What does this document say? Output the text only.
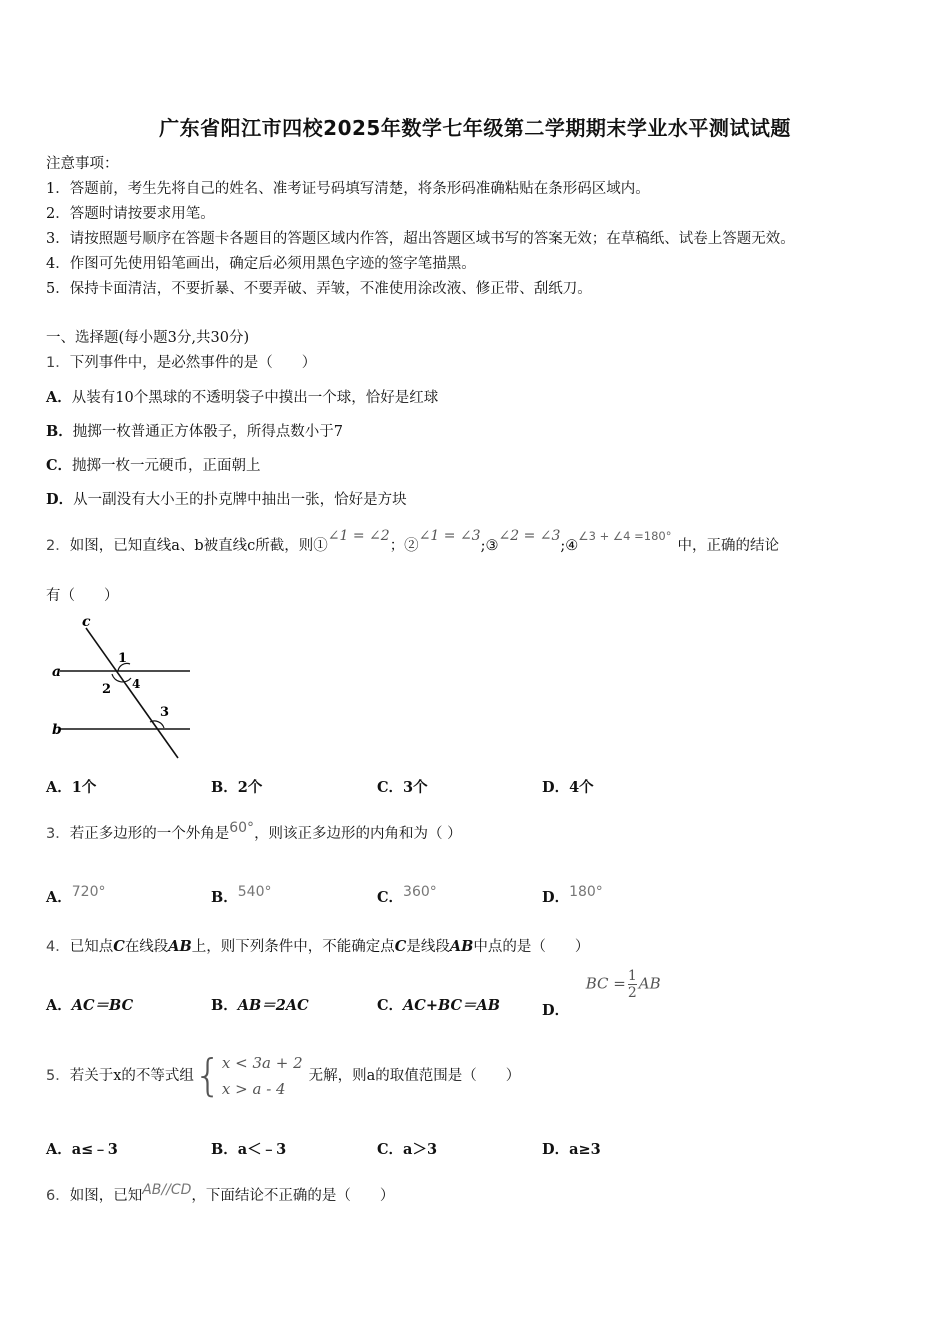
广东省阳江市四校2025年数学七年级第二学期期末学业水平测试试题
注意事项：
1．答题前，考生先将自己的姓名、准考证号码填写清楚，将条形码准确粘贴在条形码区域内。
2．答题时请按要求用笔。
3．请按照题号顺序在答题卡各题目的答题区域内作答，超出答题区域书写的答案无效；在草稿纸、试卷上答题无效。
4．作图可先使用铅笔画出，确定后必须用黑色字迹的签字笔描黑。
5．保持卡面清洁，不要折暴、不要弄破、弄皱，不准使用涂改液、修正带、刮纸刀。
一、选择题(每小题3分,共30分)
1．下列事件中，是必然事件的是（　　）
A．从装有10个黑球的不透明袋子中摸出一个球，恰好是红球
B．抛掷一枚普通正方体骰子，所得点数小于7
C．抛掷一枚一元硬币，正面朝上
D．从一副没有大小王的扑克牌中抽出一张，恰好是方块
2．如图，已知直线a、b被直线c所截，则①∠1 = ∠2；②∠1 = ∠3;③∠2 = ∠3;④$^{\angle 3 + \angle 4 =180^\circ}$中，正确的结论
有（　　）
c
a
b
1
2 4
3
A．1个	B．2个	C．3个	D．4个
3．若正多边形的一个外角是60°，则该正多边形的内角和为（ ）
A．720°	B．540°	C．360°	D．180°
4．已知点C在线段AB上，则下列条件中，不能确定点C是线段AB中点的是（　　）
A．AC＝BC	B．AB＝2AC	C．AC+BC＝AB	D． BC = $\frac{1}{2}$ AB
5．若关于x的不等式组{ x < 3a + 2
x > a - 4
无解，则a的取值范围是（　　）
A．a≤﹣3	B．a＜﹣3	C．a＞3	D．a≥3
6．如图，已知AB//CD，下面结论不正确的是（　　）
